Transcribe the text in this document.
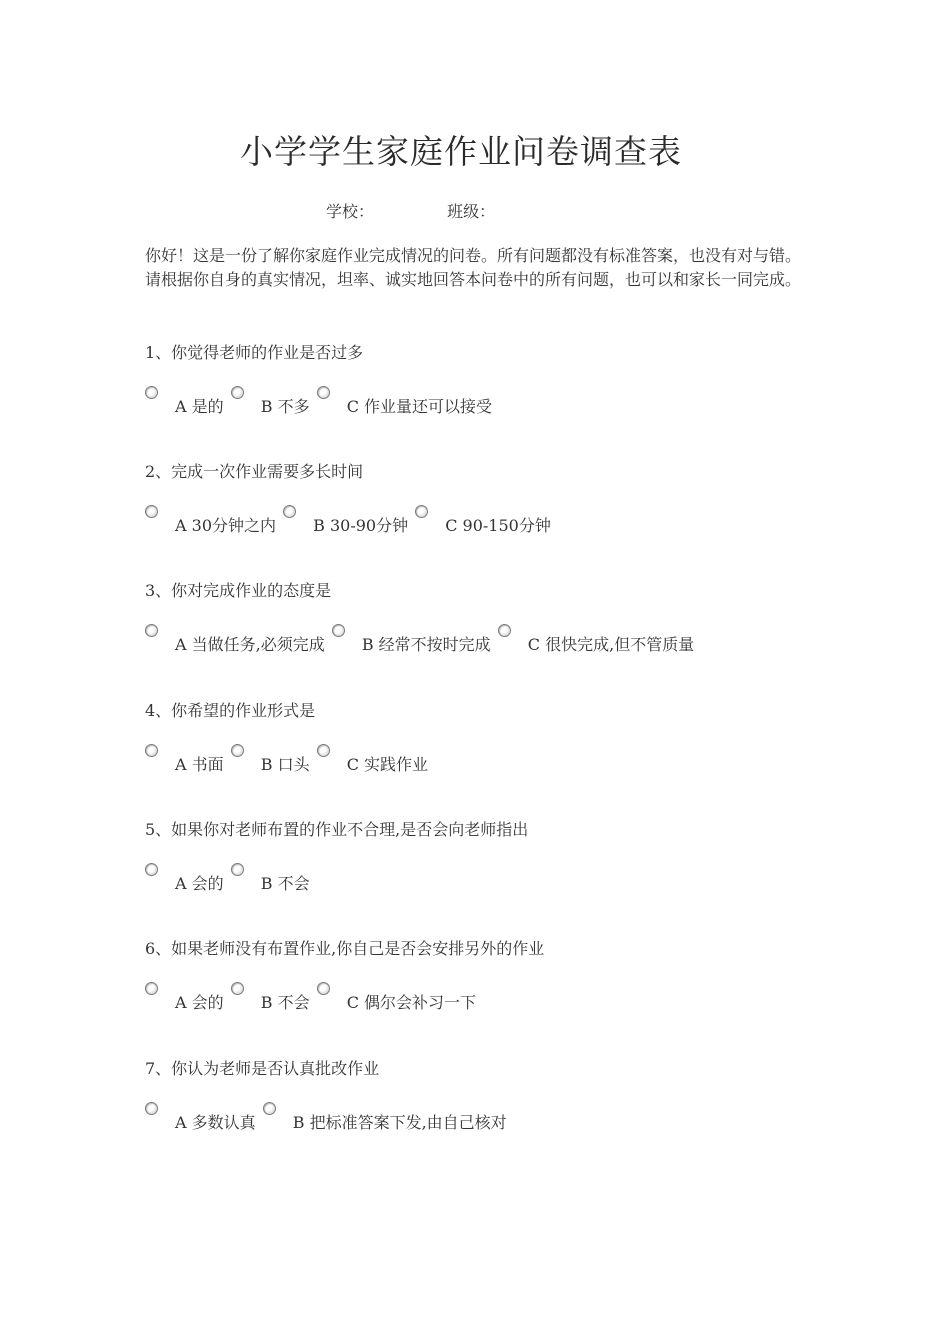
小学学生家庭作业问卷调查表
学校：	班级：

你好！这是一份了解你家庭作业完成情况的问卷。所有问题都没有标准答案，也没有对与错。请根据你自身的真实情况，坦率、诚实地回答本问卷中的所有问题，也可以和家长一同完成。

1、你觉得老师的作业是否过多

A 是的 B 不多 C 作业量还可以接受

2、完成一次作业需要多长时间

A 30分钟之内 B 30-90分钟 C 90-150分钟

3、你对完成作业的态度是

A 当做任务,必须完成 B 经常不按时完成 C 很快完成,但不管质量

4、你希望的作业形式是

A 书面 B 口头 C 实践作业

5、如果你对老师布置的作业不合理,是否会向老师指出

A 会的 B 不会

6、如果老师没有布置作业,你自己是否会安排另外的作业

A 会的 B 不会 C 偶尔会补习一下

7、你认为老师是否认真批改作业

A 多数认真 B 把标准答案下发,由自己核对
